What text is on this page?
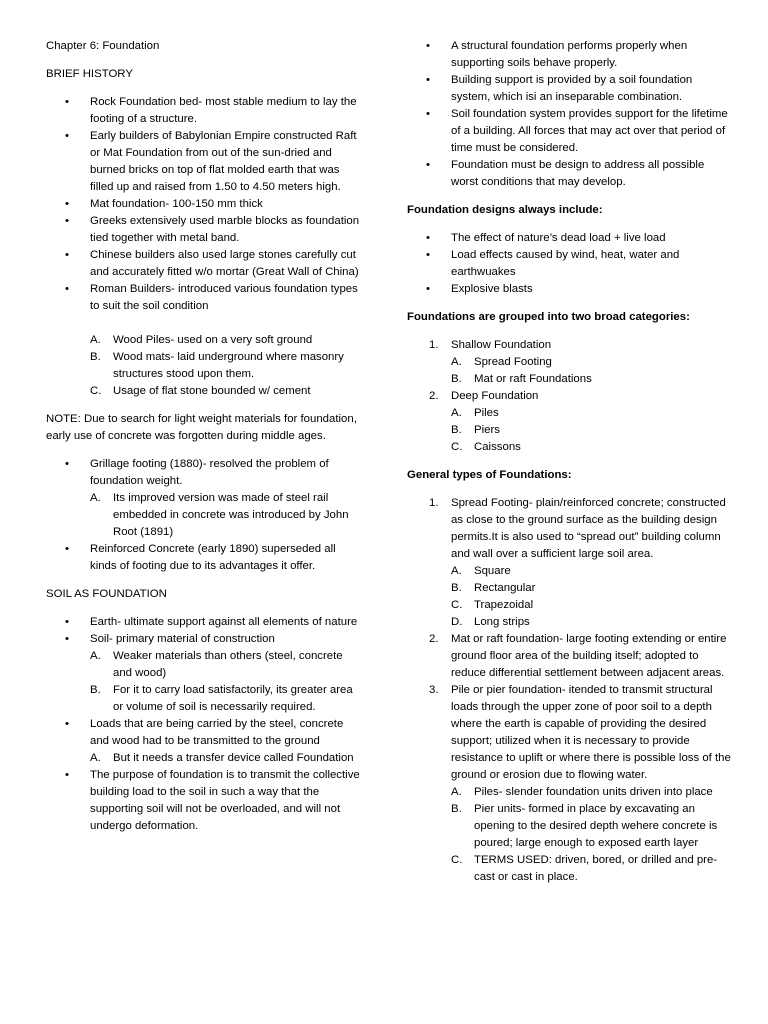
Chapter 6: Foundation

BRIEF HISTORY

• Rock Foundation bed- most stable medium to lay the footing of a structure.
• Early builders of Babylonian Empire constructed Raft or Mat Foundation from out of the sun-dried and burned bricks on top of flat molded earth that was filled up and raised from 1.50 to 4.50 meters high.
• Mat foundation- 100-150 mm thick
• Greeks extensively used marble blocks as foundation tied together with metal band.
• Chinese builders also used large stones carefully cut and accurately fitted w/o mortar (Great Wall of China)
• Roman Builders- introduced various foundation types to suit the soil condition
A. Wood Piles- used on a very soft ground
B. Wood mats- laid underground where masonry structures stood upon them.
C. Usage of flat stone bounded w/ cement

NOTE: Due to search for light weight materials for foundation, early use of concrete was forgotten during middle ages.

• Grillage footing (1880)- resolved the problem of foundation weight.
A. Its improved version was made of steel rail embedded in concrete was introduced by John Root (1891)
• Reinforced Concrete (early 1890) superseded all kinds of footing due to its advantages it offer.

SOIL AS FOUNDATION

• Earth- ultimate support against all elements of nature
• Soil- primary material of construction
A. Weaker materials than others (steel, concrete and wood)
B. For it to carry load satisfactorily, its greater area or volume of soil is necessarily required.
• Loads that are being carried by the steel, concrete and wood had to be transmitted to the ground
A. But it needs a transfer device called Foundation
• The purpose of foundation is to transmit the collective building load to the soil in such a way that the supporting soil will not be overloaded, and will not undergo deformation.
• A structural foundation performs properly when supporting soils behave properly.
• Building support is provided by a soil foundation system, which isi an inseparable combination.
• Soil foundation system provides support for the lifetime of a building. All forces that may act over that period of time must be considered.
• Foundation must be design to address all possible worst conditions that may develop.

Foundation designs always include:

• The effect of nature’s dead load + live load
• Load effects caused by wind, heat, water and earthwuakes
• Explosive blasts

Foundations are grouped into two broad categories:

1. Shallow Foundation
A. Spread Footing
B. Mat or raft Foundations
2. Deep Foundation
A. Piles
B. Piers
C. Caissons

General types of Foundations:

1. Spread Footing- plain/reinforced concrete; constructed as close to the ground surface as the building design permits.It is also used to “spread out” building column and wall over a sufficient large soil area.
A. Square
B. Rectangular
C. Trapezoidal
D. Long strips
2. Mat or raft foundation- large footing extending or entire ground floor area of the building itself; adopted to reduce differential settlement between adjacent areas.
3. Pile or pier foundation- itended to transmit structural loads through the upper zone of poor soil to a depth where the earth is capable of providing the desired support; utilized when it is necessary to provide resistance to uplift or where there is possible loss of the ground or erosion due to flowing water.
A. Piles- slender foundation units driven into place
B. Pier units- formed in place by excavating an opening to the desired depth wehere concrete is poured; large enough to exposed earth layer
C. TERMS USED: driven, bored, or drilled and pre-cast or cast in place.
